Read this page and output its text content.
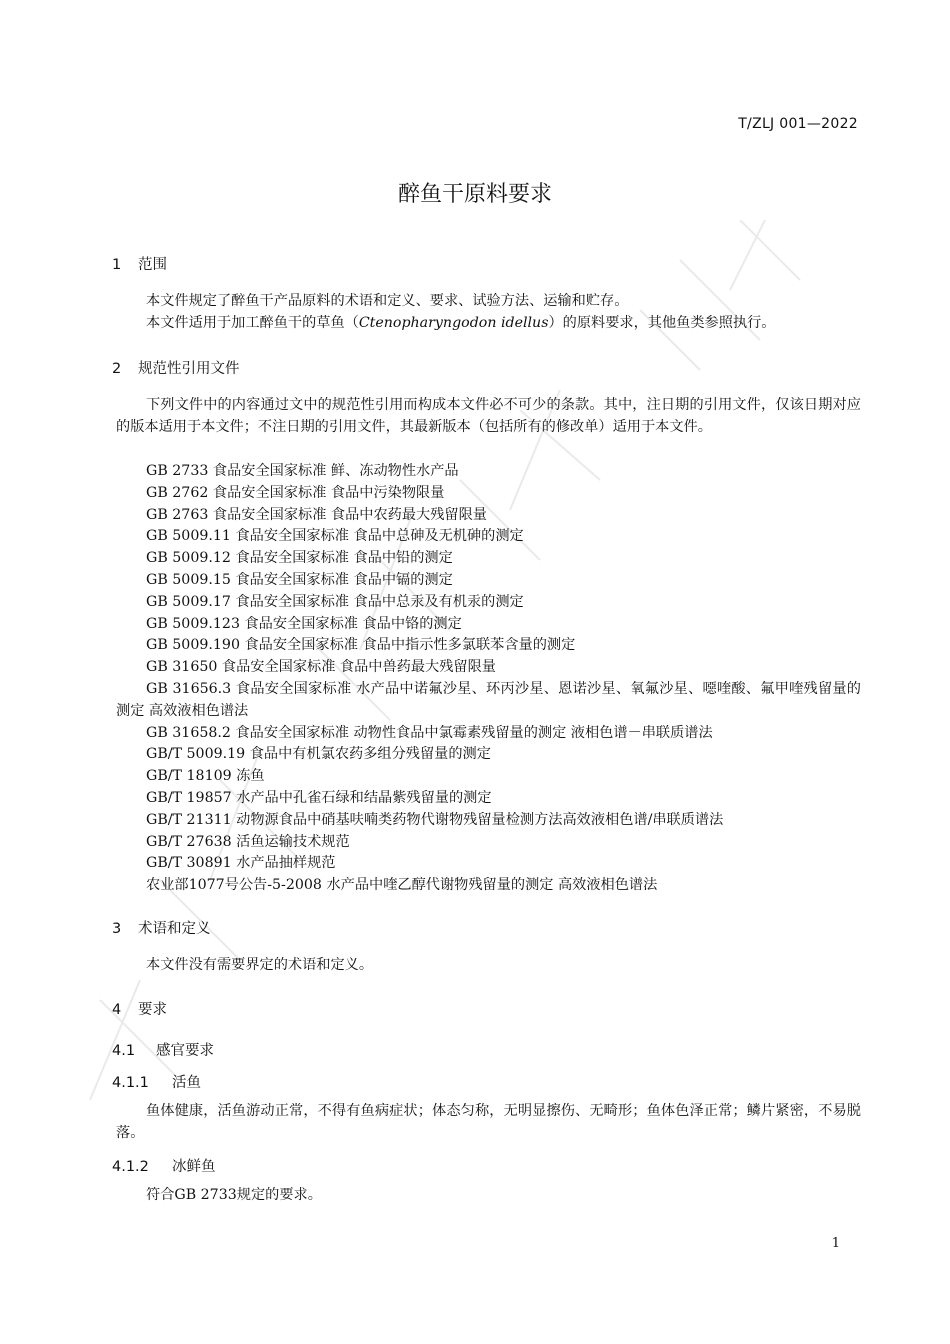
T/ZLJ 001—2022
醉鱼干原料要求
1 范围
本文件规定了醉鱼干产品原料的术语和定义、要求、试验方法、运输和贮存。
本文件适用于加工醉鱼干的草鱼（Ctenopharyngodon idellus）的原料要求，其他鱼类参照执行。
2 规范性引用文件
下列文件中的内容通过文中的规范性引用而构成本文件必不可少的条款。其中，注日期的引用文件，仅该日期对应的版本适用于本文件；不注日期的引用文件，其最新版本（包括所有的修改单）适用于本文件。
GB 2733 食品安全国家标准 鲜、冻动物性水产品
GB 2762 食品安全国家标准 食品中污染物限量
GB 2763 食品安全国家标准 食品中农药最大残留限量
GB 5009.11 食品安全国家标准 食品中总砷及无机砷的测定
GB 5009.12 食品安全国家标准 食品中铅的测定
GB 5009.15 食品安全国家标准 食品中镉的测定
GB 5009.17 食品安全国家标准 食品中总汞及有机汞的测定
GB 5009.123 食品安全国家标准 食品中铬的测定
GB 5009.190 食品安全国家标准 食品中指示性多氯联苯含量的测定
GB 31650 食品安全国家标准 食品中兽药最大残留限量
GB 31656.3 食品安全国家标准 水产品中诺氟沙星、环丙沙星、恩诺沙星、氧氟沙星、噁喹酸、氟甲喹残留量的测定 高效液相色谱法
GB 31658.2 食品安全国家标准 动物性食品中氯霉素残留量的测定 液相色谱－串联质谱法
GB/T 5009.19 食品中有机氯农药多组分残留量的测定
GB/T 18109 冻鱼
GB/T 19857 水产品中孔雀石绿和结晶紫残留量的测定
GB/T 21311 动物源食品中硝基呋喃类药物代谢物残留量检测方法高效液相色谱/串联质谱法
GB/T 27638 活鱼运输技术规范
GB/T 30891 水产品抽样规范
农业部1077号公告-5-2008 水产品中喹乙醇代谢物残留量的测定 高效液相色谱法
3 术语和定义
本文件没有需要界定的术语和定义。
4 要求
4.1 感官要求
4.1.1 活鱼
鱼体健康，活鱼游动正常，不得有鱼病症状；体态匀称，无明显擦伤、无畸形；鱼体色泽正常；鳞片紧密，不易脱落。
4.1.2 冰鲜鱼
符合GB 2733规定的要求。
1
